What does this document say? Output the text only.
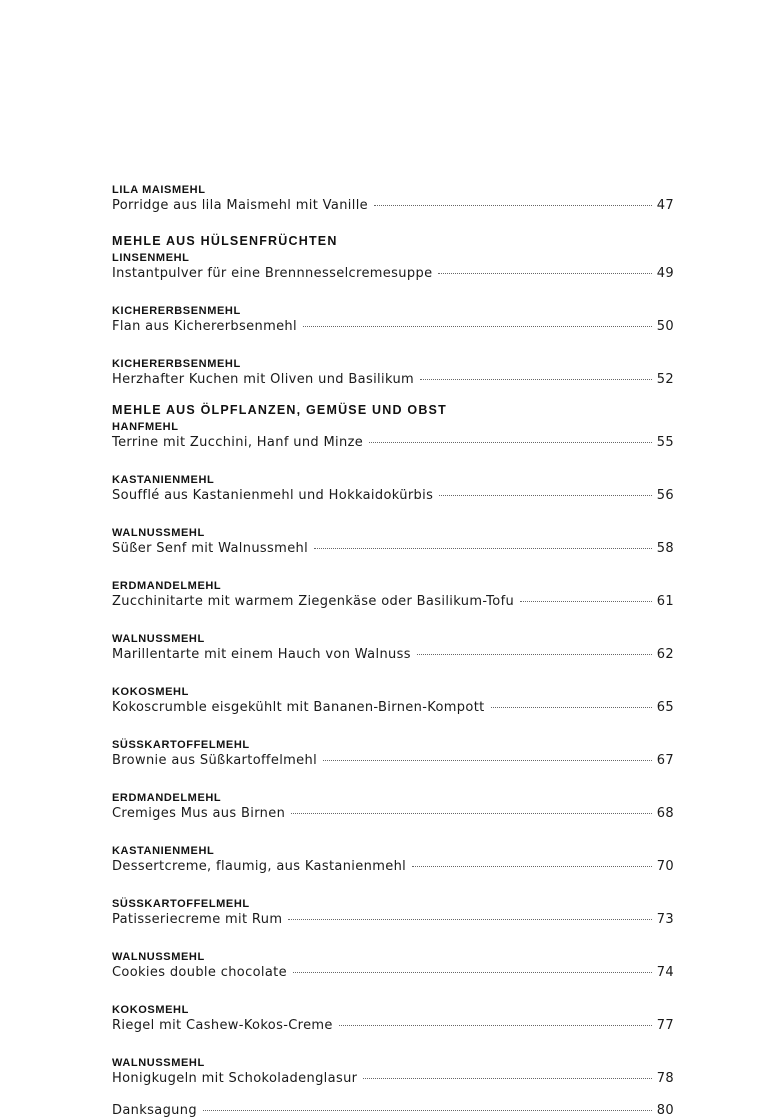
LILA MAISMEHL
Porridge aus lila Maismehl mit Vanille	47
MEHLE AUS HÜLSENFRÜCHTEN
LINSENMEHL
Instantpulver für eine Brennnesselcremesuppe	49
KICHERERBSENMEHL
Flan aus Kichererbsenmehl	50
KICHERERBSENMEHL
Herzhafter Kuchen mit Oliven und Basilikum	52
MEHLE AUS ÖLPFLANZEN, GEMÜSE UND OBST
HANFMEHL
Terrine mit Zucchini, Hanf und Minze	55
KASTANIENMEHL
Soufflé aus Kastanienmehl und Hokkaidokürbis	56
WALNUSSMEHL
Süßer Senf mit Walnussmehl	58
ERDMANDELMEHL
Zucchinitarte mit warmem Ziegenkäse oder Basilikum-Tofu	61
WALNUSSMEHL
Marillentarte mit einem Hauch von Walnuss	62
KOKOSMEHL
Kokoscrumble eisgekühlt mit Bananen-Birnen-Kompott	65
SÜSSKARTOFFELMEHL
Brownie aus Süßkartoffelmehl	67
ERDMANDELMEHL
Cremiges Mus aus Birnen	68
KASTANIENMEHL
Dessertcreme, flaumig, aus Kastanienmehl	70
SÜSSKARTOFFELMEHL
Patisseriecreme mit Rum	73
WALNUSSMEHL
Cookies double chocolate	74
KOKOSMEHL
Riegel mit Cashew-Kokos-Creme	77
WALNUSSMEHL
Honigkugeln mit Schokoladenglasur	78
Danksagung	80
